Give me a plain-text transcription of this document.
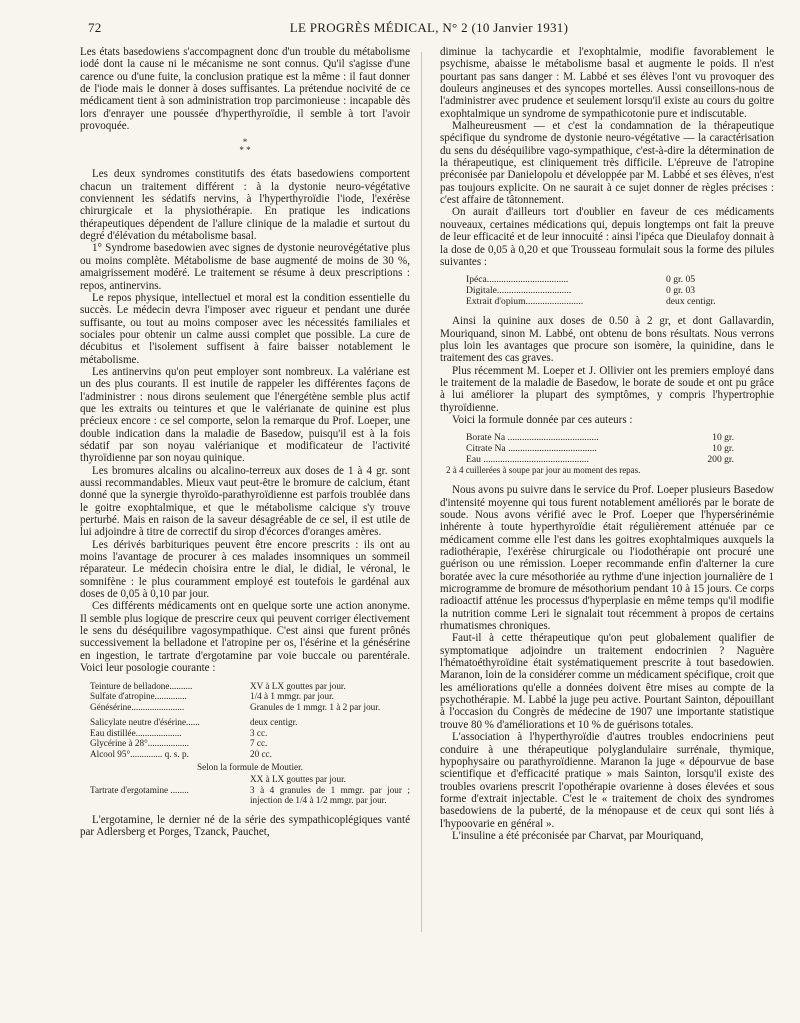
72	LE PROGRÈS MÉDICAL, N° 2 (10 Janvier 1931)

Les états basedowiens s'accompagnent donc d'un trouble du métabolisme iodé dont la cause ni le mécanisme ne sont connus. Qu'il s'agisse d'une carence ou d'une fuite, la conclusion pratique est la même : il faut donner de l'iode mais le donner à doses suffisantes. La prétendue nocivité de ce médicament tient à son administration trop parcimonieuse : incapable dès lors d'enrayer une poussée d'hyperthyroïdie, il semble à tort l'avoir provoquée.

*
* *

Les deux syndromes constitutifs des états basedowiens comportent chacun un traitement différent : à la dystonie neuro-végétative conviennent les sédatifs nervins, à l'hyperthyroïdie l'iode, l'exérèse chirurgicale et la physiothérapie. En pratique les indications thérapeutiques dépendent de l'allure clinique de la maladie et surtout du degré d'élévation du métabolisme basal.

1° Syndrome basedowien avec signes de dystonie neurovégétative plus ou moins complète. Métabolisme de base augmenté de moins de 30 %, amaigrissement modéré. Le traitement se résume à deux prescriptions : repos, antinervins.

Le repos physique, intellectuel et moral est la condition essentielle du succès. Le médecin devra l'imposer avec rigueur et pendant une durée suffisante, ou tout au moins composer avec les nécessités familiales et sociales pour obtenir un calme aussi complet que possible. La cure de décubitus et l'isolement suffisent à faire baisser notablement le métabolisme.

Les antinervins qu'on peut employer sont nombreux. La valériane est un des plus courants. Il est inutile de rappeler les différentes façons de l'administrer : nous dirons seulement que l'énergétène semble plus actif que les extraits ou teintures et que le valérianate de quinine est plus précieux encore : ce sel comporte, selon la remarque du Prof. Loeper, une double indication dans la maladie de Basedow, puisqu'il est à la fois sédatif par son noyau valérianique et modificateur de l'activité thyroïdienne par son noyau quinique.

Les bromures alcalins ou alcalino-terreux aux doses de 1 à 4 gr. sont aussi recommandables. Mieux vaut peut-être le bromure de calcium, étant donné que la synergie thyroïdo-parathyroïdienne est parfois troublée dans le goitre exophtalmique, et que le métabolisme calcique s'y trouve perturbé. Mais en raison de la saveur désagréable de ce sel, il est utile de lui adjoindre à titre de correctif du sirop d'écorces d'oranges amères.

Les dérivés barbituriques peuvent être encore prescrits : ils ont au moins l'avantage de procurer à ces malades insomniques un sommeil réparateur. Le médecin choisira entre le dial, le didial, le véronal, le somnifène : le plus couramment employé est toutefois le gardénal aux doses de 0,05 à 0,10 par jour.

Ces différents médicaments ont en quelque sorte une action anonyme. Il semble plus logique de prescrire ceux qui peuvent corriger électivement le sens du déséquilibre vagosympathique. C'est ainsi que furent prônés successivement la belladone et l'atropine per os, l'ésérine et la génésérine en ingestion, le tartrate d'ergotamine par voie buccale ou parentérale. Voici leur posologie courante :

Teinture de belladone..........	XV à LX gouttes par jour.
Sulfate d'atropine..............	1/4 à 1 mmgr. par jour.
Génésérine.......................	Granules de 1 mmgr. 1 à 2 par jour.
Salicylate neutre d'ésérine......	deux centigr.
Eau distillée....................	3 cc.
Glycérine à 28°..................	7 cc.
Alcool 95°.............. q. s. p.	20 cc.
Selon la formule de Moutier.
XX à LX gouttes par jour.
Tartrate d'ergotamine ........	3 à 4 granules de 1 mmgr. par jour ; injection de 1/4 à 1/2 mmgr. par jour.

L'ergotamine, le dernier né de la série des sympathicoplégiques vanté par Adlersberg et Porges, Tzanck, Pauchet,

diminue la tachycardie et l'exophtalmie, modifie favorablement le psychisme, abaisse le métabolisme basal et augmente le poids. Il n'est pourtant pas sans danger : M. Labbé et ses élèves l'ont vu provoquer des douleurs angineuses et des syncopes mortelles. Aussi conseillons-nous de l'administrer avec prudence et seulement lorsqu'il existe au cours du goitre exophtalmique un syndrome de sympathicotonie pure et indiscutable.

Malheureusment — et c'est la condamnation de la thérapeutique spécifique du syndrome de dystonie neuro-végétative — la caractérisation du sens du déséquilibre vago-sympathique, c'est-à-dire la détermination de la thérapeutique, est cliniquement très difficile. L'épreuve de l'atropine préconisée par Danielopolu et développée par M. Labbé et ses élèves, n'est pas toujours explicite. On ne saurait à ce sujet donner de règles précises : c'est affaire de tâtonnement.

On aurait d'ailleurs tort d'oublier en faveur de ces médicaments nouveaux, certaines médications qui, depuis longtemps ont fait la preuve de leur efficacité et de leur innocuité : ainsi l'ipéca que Dieulafoy donnait à la dose de 0,05 à 0,20 et que Trousseau formulait sous la forme des pilules suivantes :

Ipéca..................................	0 gr. 05
Digitale...............................	0 gr. 03
Extrait d'opium........................	deux centigr.

Ainsi la quinine aux doses de 0.50 à 2 gr, et dont Gallavardin, Mouriquand, sinon M. Labbé, ont obtenu de bons résultats. Nous verrons plus loin les avantages que procure son isomère, la quinidine, dans le traitement des cas graves.

Plus récemment M. Loeper et J. Ollivier ont les premiers employé dans le traitement de la maladie de Basedow, le borate de soude et ont pu grâce à lui améliorer la plupart des symptômes, y compris l'hypertrophie thyroïdienne.

Voici la formule donnée par ces auteurs :

Borate Na ......................................	10 gr.
Citrate Na .....................................	10 gr.
Eau ............................................	200 gr.
2 à 4 cuillerées à soupe par jour au moment des repas.

Nous avons pu suivre dans le service du Prof. Loeper plusieurs Basedow d'intensité moyenne qui tous furent notablement améliorés par le borate de soude. Nous avons vérifié avec le Prof. Loeper que l'hypersérinémie inhérente à toute hyperthyroïdie était régulièrement atténuée par ce médicament comme elle l'est dans les goitres exophtalmiques auxquels la radiothérapie, l'exérèse chirurgicale ou l'iodothérapie ont procuré une guérison ou une rémission. Loeper recommande enfin d'alterner la cure boratée avec la cure mésothoriée au rythme d'une injection journalière de 1 microgramme de bromure de mésothorium pendant 10 à 15 jours. Ce corps radioactif atténue les processus d'hyperplasie en même temps qu'il modifie la nutrition comme Leri le signalait tout récemment à propos de certains rhumatismes chroniques.

Faut-il à cette thérapeutique qu'on peut globalement qualifier de symptomatique adjoindre un traitement endocrinien ? Naguère l'hématoéthyroïdine était systématiquement prescrite à tout basedowien. Maranon, loin de la considérer comme un médicament spécifique, croit que les améliorations qu'elle a données doivent être mises au compte de la psychothérapie. M. Labbé la juge peu active. Pourtant Sainton, dépouillant à l'occasion du Congrès de médecine de 1907 une importante statistique trouve 80 % d'améliorations et 10 % de guérisons totales.

L'association à l'hyperthyroïdie d'autres troubles endocriniens peut conduire à une thérapeutique polyglandulaire surrénale, thymique, hypophysaire ou parathyroïdienne. Maranon la juge « dépourvue de base scientifique et d'efficacité pratique » mais Sainton, lorsqu'il existe des troubles ovariens prescrit l'opothérapie ovarienne à doses élevées et sous forme d'extrait injectable. C'est le « traitement de choix des syndromes basedowiens de la puberté, de la ménopause et de ceux qui sont liés à l'hypoovarie en général ».

L'insuline a été préconisée par Charvat, par Mouriquand,
